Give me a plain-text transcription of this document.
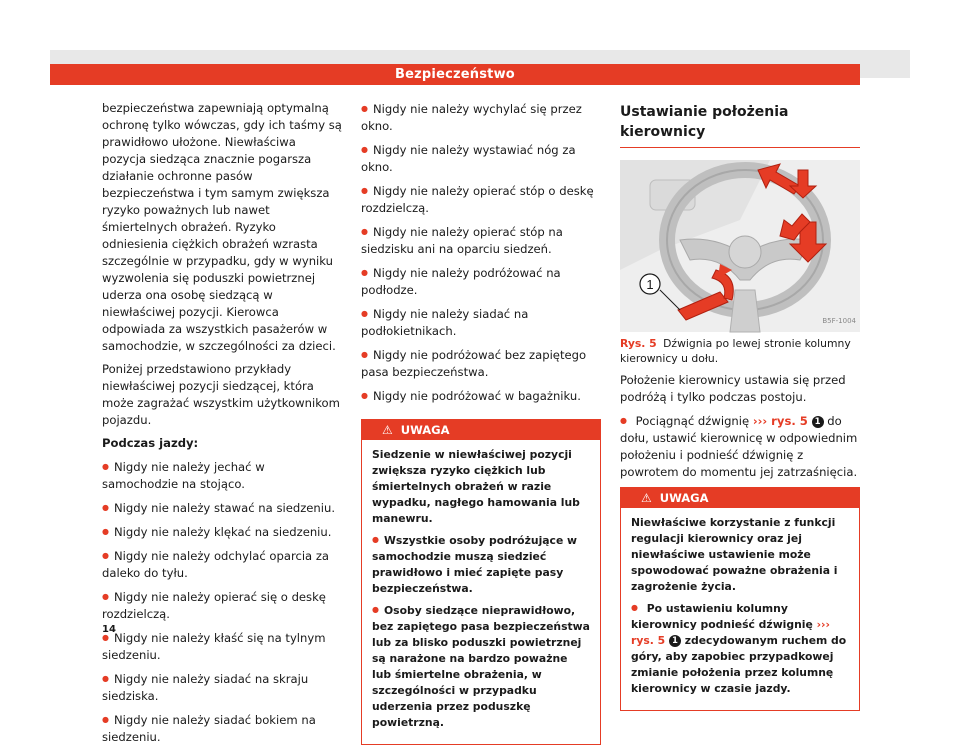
Bezpieczeństwo

bezpieczeństwa zapewniają optymalną ochronę tylko wówczas, gdy ich taśmy są prawidłowo ułożone. Niewłaściwa pozycja siedząca znacznie pogarsza działanie ochronne pasów bezpieczeństwa i tym samym zwiększa ryzyko poważnych lub nawet śmiertelnych obrażeń. Ryzyko odniesienia ciężkich obrażeń wzrasta szczególnie w przypadku, gdy w wyniku wyzwolenia się poduszki powietrznej uderza ona osobę siedzącą w niewłaściwej pozycji. Kierowca odpowiada za wszystkich pasażerów w samochodzie, w szczególności za dzieci.

Poniżej przedstawiono przykłady niewłaściwej pozycji siedzącej, która może zagrażać wszystkim użytkownikom pojazdu.

Podczas jazdy:

● Nigdy nie należy jechać w samochodzie na stojąco.

● Nigdy nie należy stawać na siedzeniu.

● Nigdy nie należy klękać na siedzeniu.

● Nigdy nie należy odchylać oparcia za daleko do tyłu.

● Nigdy nie należy opierać się o deskę rozdzielczą.

● Nigdy nie należy kłaść się na tylnym siedzeniu.

● Nigdy nie należy siadać na skraju siedziska.

● Nigdy nie należy siadać bokiem na siedzeniu.

● Nigdy nie należy wychylać się przez okno.

● Nigdy nie należy wystawiać nóg za okno.

● Nigdy nie należy opierać stóp o deskę rozdzielczą.

● Nigdy nie należy opierać stóp na siedzisku ani na oparciu siedzeń.

● Nigdy nie należy podróżować na podłodze.

● Nigdy nie należy siadać na podłokietnikach.

● Nigdy nie podróżować bez zapiętego pasa bezpieczeństwa.

● Nigdy nie podróżować w bagażniku.

⚠ UWAGA

Siedzenie w niewłaściwej pozycji zwiększa ryzyko ciężkich lub śmiertelnych obrażeń w razie wypadku, nagłego hamowania lub manewru.

● Wszystkie osoby podróżujące w samochodzie muszą siedzieć prawidłowo i mieć zapięte pasy bezpieczeństwa.

● Osoby siedzące nieprawidłowo, bez zapiętego pasa bezpieczeństwa lub za blisko poduszki powietrznej są narażone na bardzo poważne lub śmiertelne obrażenia, w szczególności w przypadku uderzenia przez poduszkę powietrzną.

Ustawianie położenia kierownicy
1
B5F-1004

Rys. 5 Dźwignia po lewej stronie kolumny kierownicy u dołu.

Położenie kierownicy ustawia się przed podróżą i tylko podczas postoju.

● Pociągnąć dźwignię ››› rys. 5 1 do dołu, ustawić kierownicę w odpowiednim położeniu i podnieść dźwignię z powrotem do momentu jej zatrzaśnięcia.

⚠ UWAGA

Niewłaściwe korzystanie z funkcji regulacji kierownicy oraz jej niewłaściwe ustawienie może spowodować poważne obrażenia i zagrożenie życia.

● Po ustawieniu kolumny kierownicy podnieść dźwignię ››› rys. 5 1 zdecydowanym ruchem do góry, aby zapobiec przypadkowej zmianie położenia przez kolumnę kierownicy w czasie jazdy.

14
